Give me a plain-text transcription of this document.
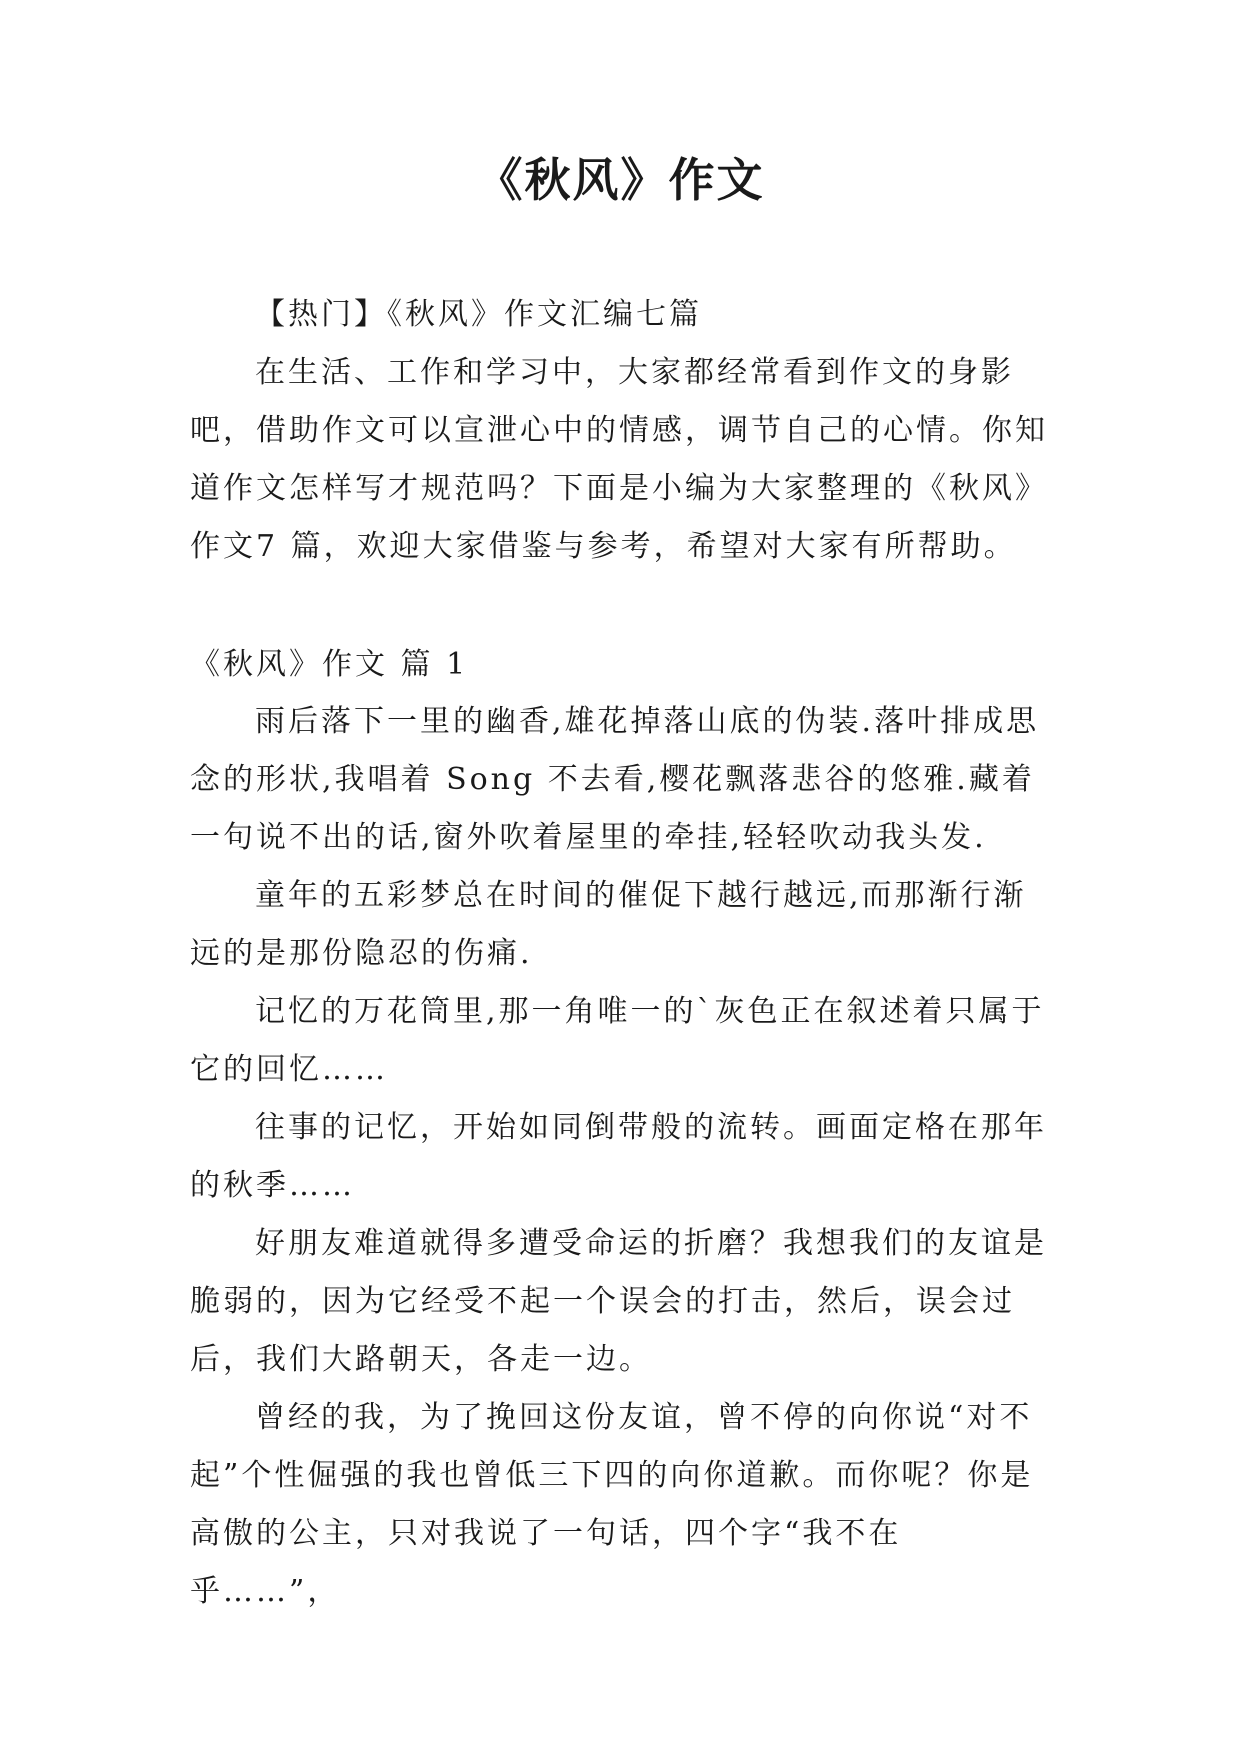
《秋风》作文

【热门】《秋风》作文汇编七篇

在生活、工作和学习中，大家都经常看到作文的身影吧，借助作文可以宣泄心中的情感，调节自己的心情。你知道作文怎样写才规范吗？下面是小编为大家整理的《秋风》作文7 篇，欢迎大家借鉴与参考，希望对大家有所帮助。

《秋风》作文 篇 1

雨后落下一里的幽香,雄花掉落山底的伪装.落叶排成思念的形状,我唱着 Song 不去看,樱花飘落悲谷的悠雅.藏着一句说不出的话,窗外吹着屋里的牵挂,轻轻吹动我头发.

童年的五彩梦总在时间的催促下越行越远,而那渐行渐远的是那份隐忍的伤痛.

记忆的万花筒里,那一角唯一的`灰色正在叙述着只属于它的回忆……

往事的记忆，开始如同倒带般的流转。画面定格在那年的秋季……

好朋友难道就得多遭受命运的折磨？我想我们的友谊是脆弱的，因为它经受不起一个误会的打击，然后，误会过后，我们大路朝天，各走一边。

曾经的我，为了挽回这份友谊，曾不停的向你说“对不起”个性倔强的我也曾低三下四的向你道歉。而你呢？你是高傲的公主，只对我说了一句话，四个字“我不在乎……”，
